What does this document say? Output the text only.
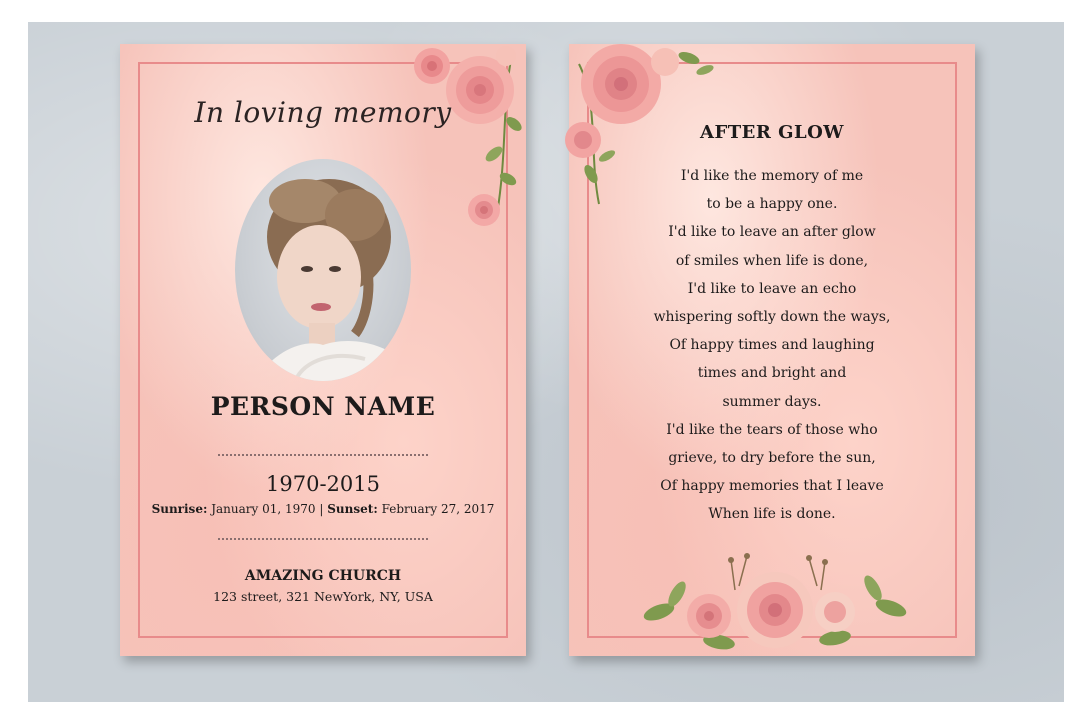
In loving memory
PERSON NAME
1970-2015
Sunrise: January 01, 1970 | Sunset: February 27, 2017
AMAZING CHURCH
123 street, 321 NewYork, NY, USA
AFTER GLOW
I'd like the memory of me
to be a happy one.
I'd like to leave an after glow
of smiles when life is done,
I'd like to leave an echo
whispering softly down the ways,
Of happy times and laughing
times and bright and
summer days.
I'd like the tears of those who
grieve, to dry before the sun,
Of happy memories that I leave
When life is done.
